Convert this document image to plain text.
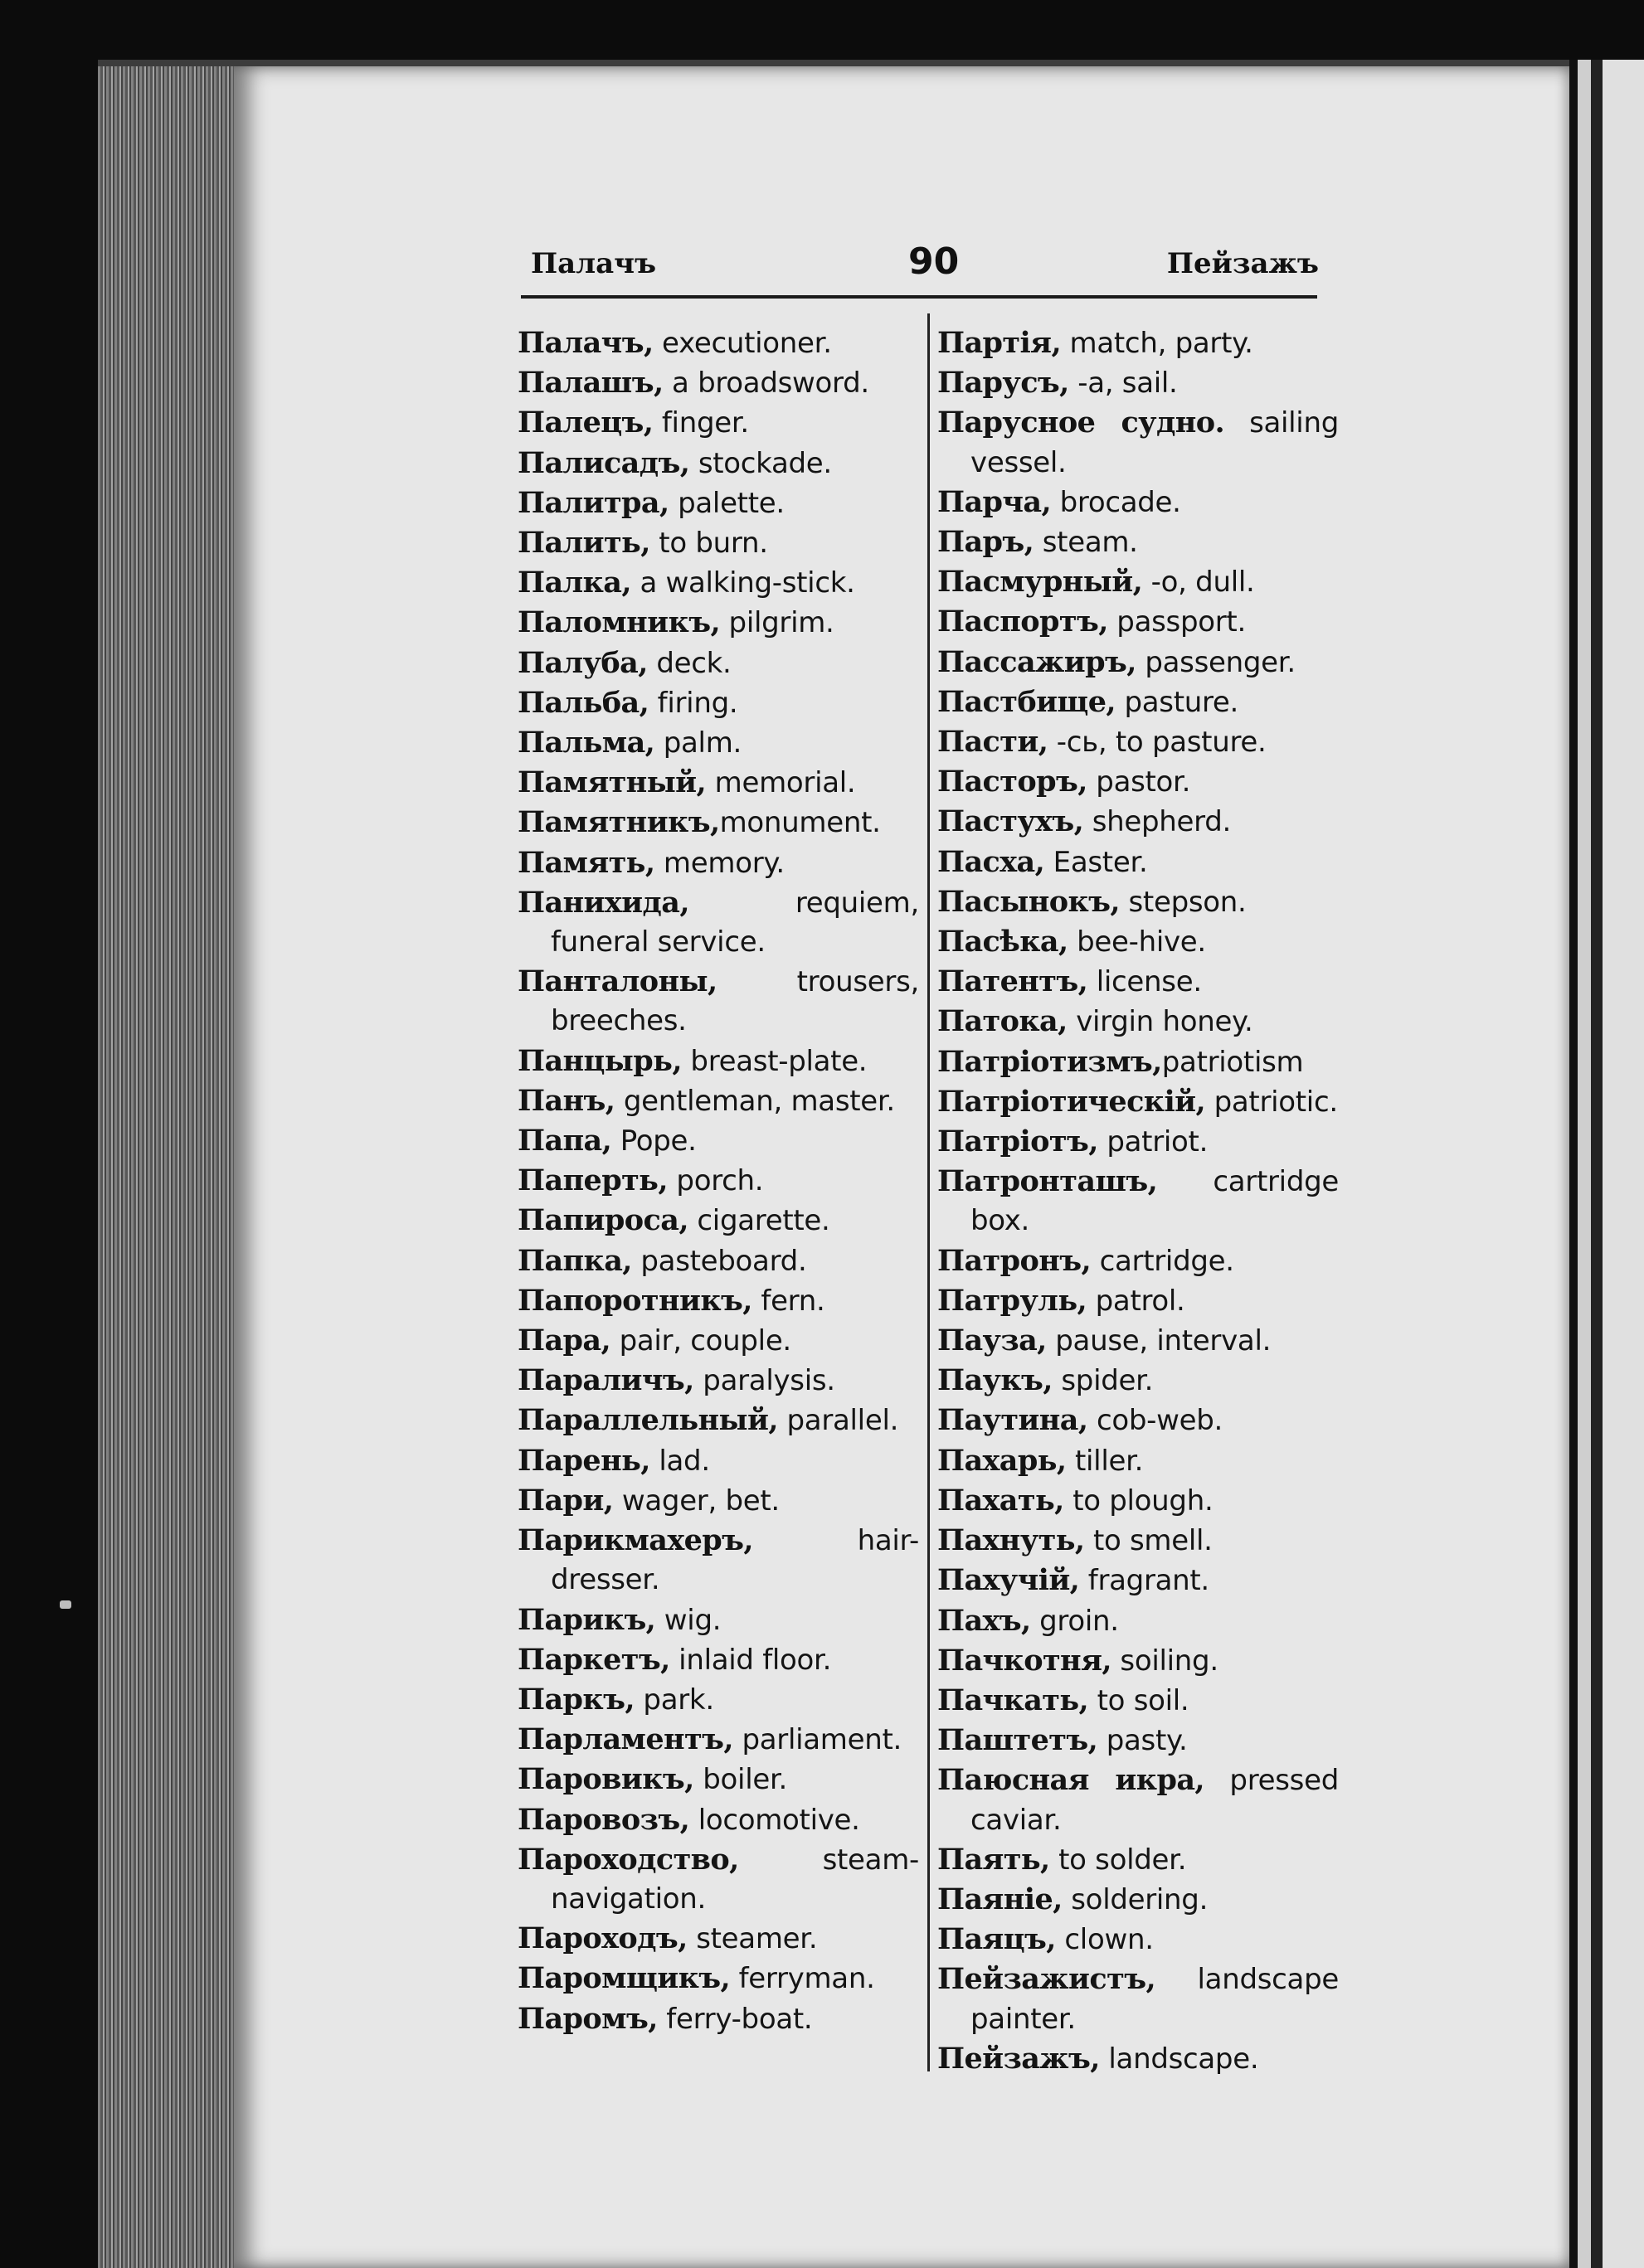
Палачъ	90	Пейзажъ

Палачъ, executioner.

Палашъ, a broadsword.

Палецъ, finger.

Палисадъ, stockade.

Палитра, palette.

Палить, to burn.

Палка, a walking-stick.

Паломникъ, pilgrim.

Палуба, deck.

Пальба, firing.

Пальма, palm.

Памятный, memorial.

Памятникъ,monument.

Память, memory.

Панихида, requiem, funeral service.

Панталоны, trousers, breeches.

Панцырь, breast-plate.

Панъ, gentleman, master.

Папа, Pope.

Паперть, porch.

Папироса, cigarette.

Папка, pasteboard.

Папоротникъ, fern.

Пара, pair, couple.

Параличъ, paralysis.

Параллельный, parallel.

Парень, lad.

Пари, wager, bet.

Парикмахеръ, hair-dresser.

Парикъ, wig.

Паркетъ, inlaid floor.

Паркъ, park.

Парламентъ, parliament.

Паровикъ, boiler.

Паровозъ, locomotive.

Пароходство, steam-navigation.

Пароходъ, steamer.

Паромщикъ, ferryman.

Паромъ, ferry-boat.

Партія, match, party.

Парусъ, -а, sail.

Парусное судно. sailing vessel.

Парча, brocade.

Паръ, steam.

Пасмурный, -о, dull.

Паспортъ, passport.

Пассажиръ, passenger.

Пастбище, pasture.

Пасти, -сь, to pasture.

Пасторъ, pastor.

Пастухъ, shepherd.

Пасха, Easter.

Пасынокъ, stepson.

Пасѣка, bee-hive.

Патентъ, license.

Патока, virgin honey.

Патріотизмъ,patriotism

Патріотическій, patriotic.

Патріотъ, patriot.

Патронташъ, cartridge box.

Патронъ, cartridge.

Патруль, patrol.

Пауза, pause, interval.

Паукъ, spider.

Паутина, cob-web.

Пахарь, tiller.

Пахать, to plough.

Пахнуть, to smell.

Пахучій, fragrant.

Пахъ, groin.

Пачкотня, soiling.

Пачкать, to soil.

Паштетъ, pasty.

Паюсная икра, pressed caviar.

Паять, to solder.

Паяніе, soldering.

Паяцъ, clown.

Пейзажистъ, landscape painter.

Пейзажъ, landscape.
